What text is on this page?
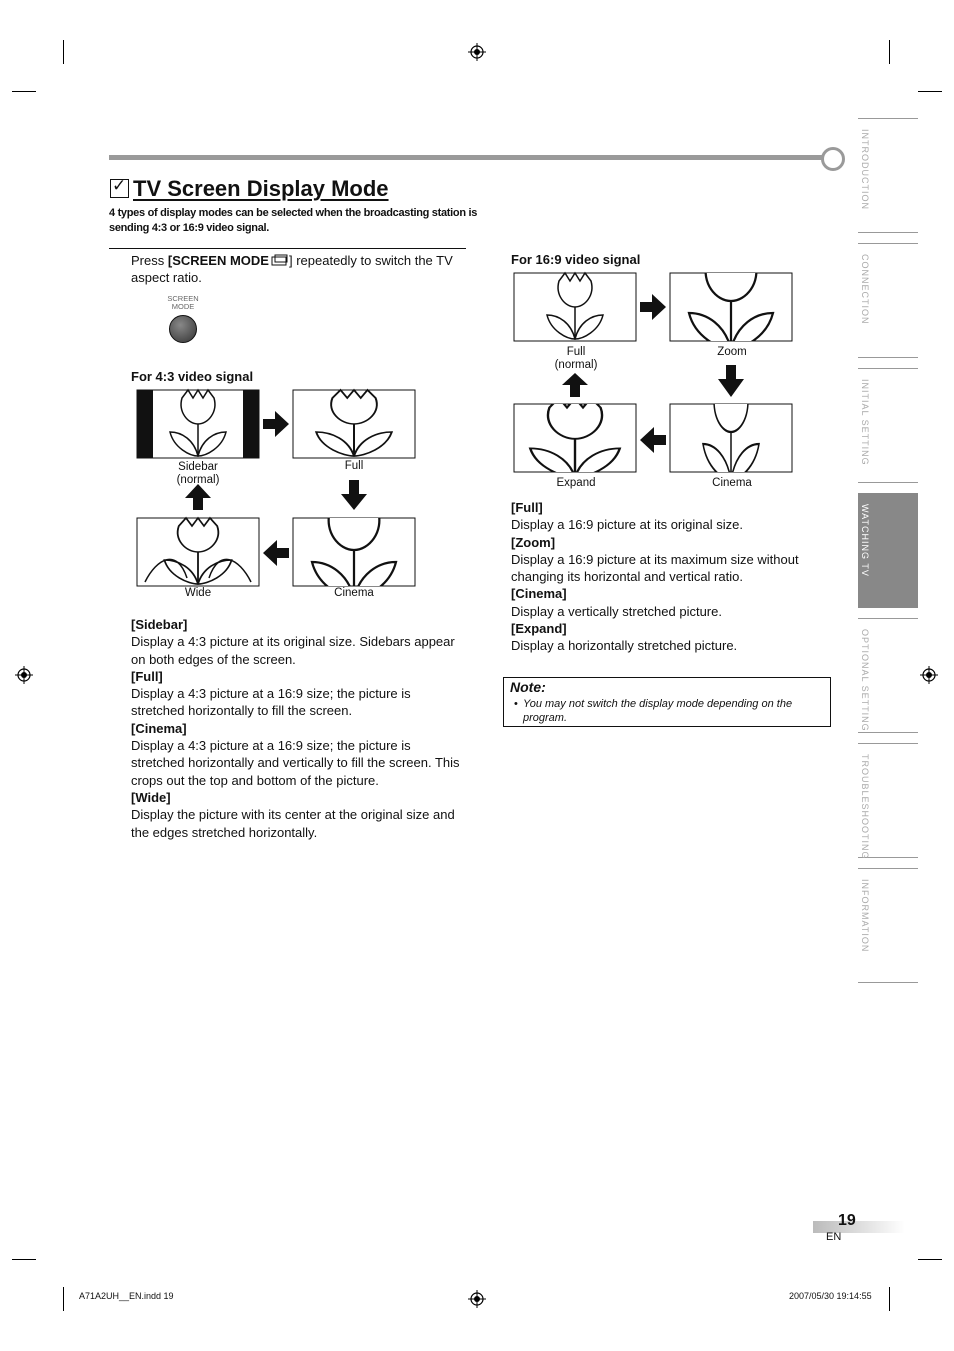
✓TV Screen Display Mode
4 types of display modes can be selected when the broadcasting station is sending 4:3 or 16:9 video signal.
Press [SCREEN MODE ] repeatedly to switch the TV aspect ratio.
SCREEN
MODE
For 4:3 video signal
Sidebar
(normal)
Full
Wide	Cinema
[Sidebar]
Display a 4:3 picture at its original size. Sidebars appear on both edges of the screen.
[Full]
Display a 4:3 picture at a 16:9 size; the picture is stretched horizontally to fill the screen.
[Cinema]
Display a 4:3 picture at a 16:9 size; the picture is stretched horizontally and vertically to fill the screen. This crops out the top and bottom of the picture.
[Wide]
Display the picture with its center at the original size and the edges stretched horizontally.
For 16:9 video signal
Full
(normal)
Zoom
Expand	Cinema
[Full]
Display a 16:9 picture at its original size.
[Zoom]
Display a 16:9 picture at its maximum size without changing its horizontal and vertical ratio.
[Cinema]
Display a vertically stretched picture.
[Expand]
Display a horizontally stretched picture.
Note:
• You may not switch the display mode depending on the program.
INTRODUCTION
CONNECTION
INITIAL SETTING
WATCHING TV
OPTIONAL SETTING
TROUBLESHOOTING
INFORMATION
19
EN
A71A2UH__EN.indd 19	2007/05/30 19:14:55
